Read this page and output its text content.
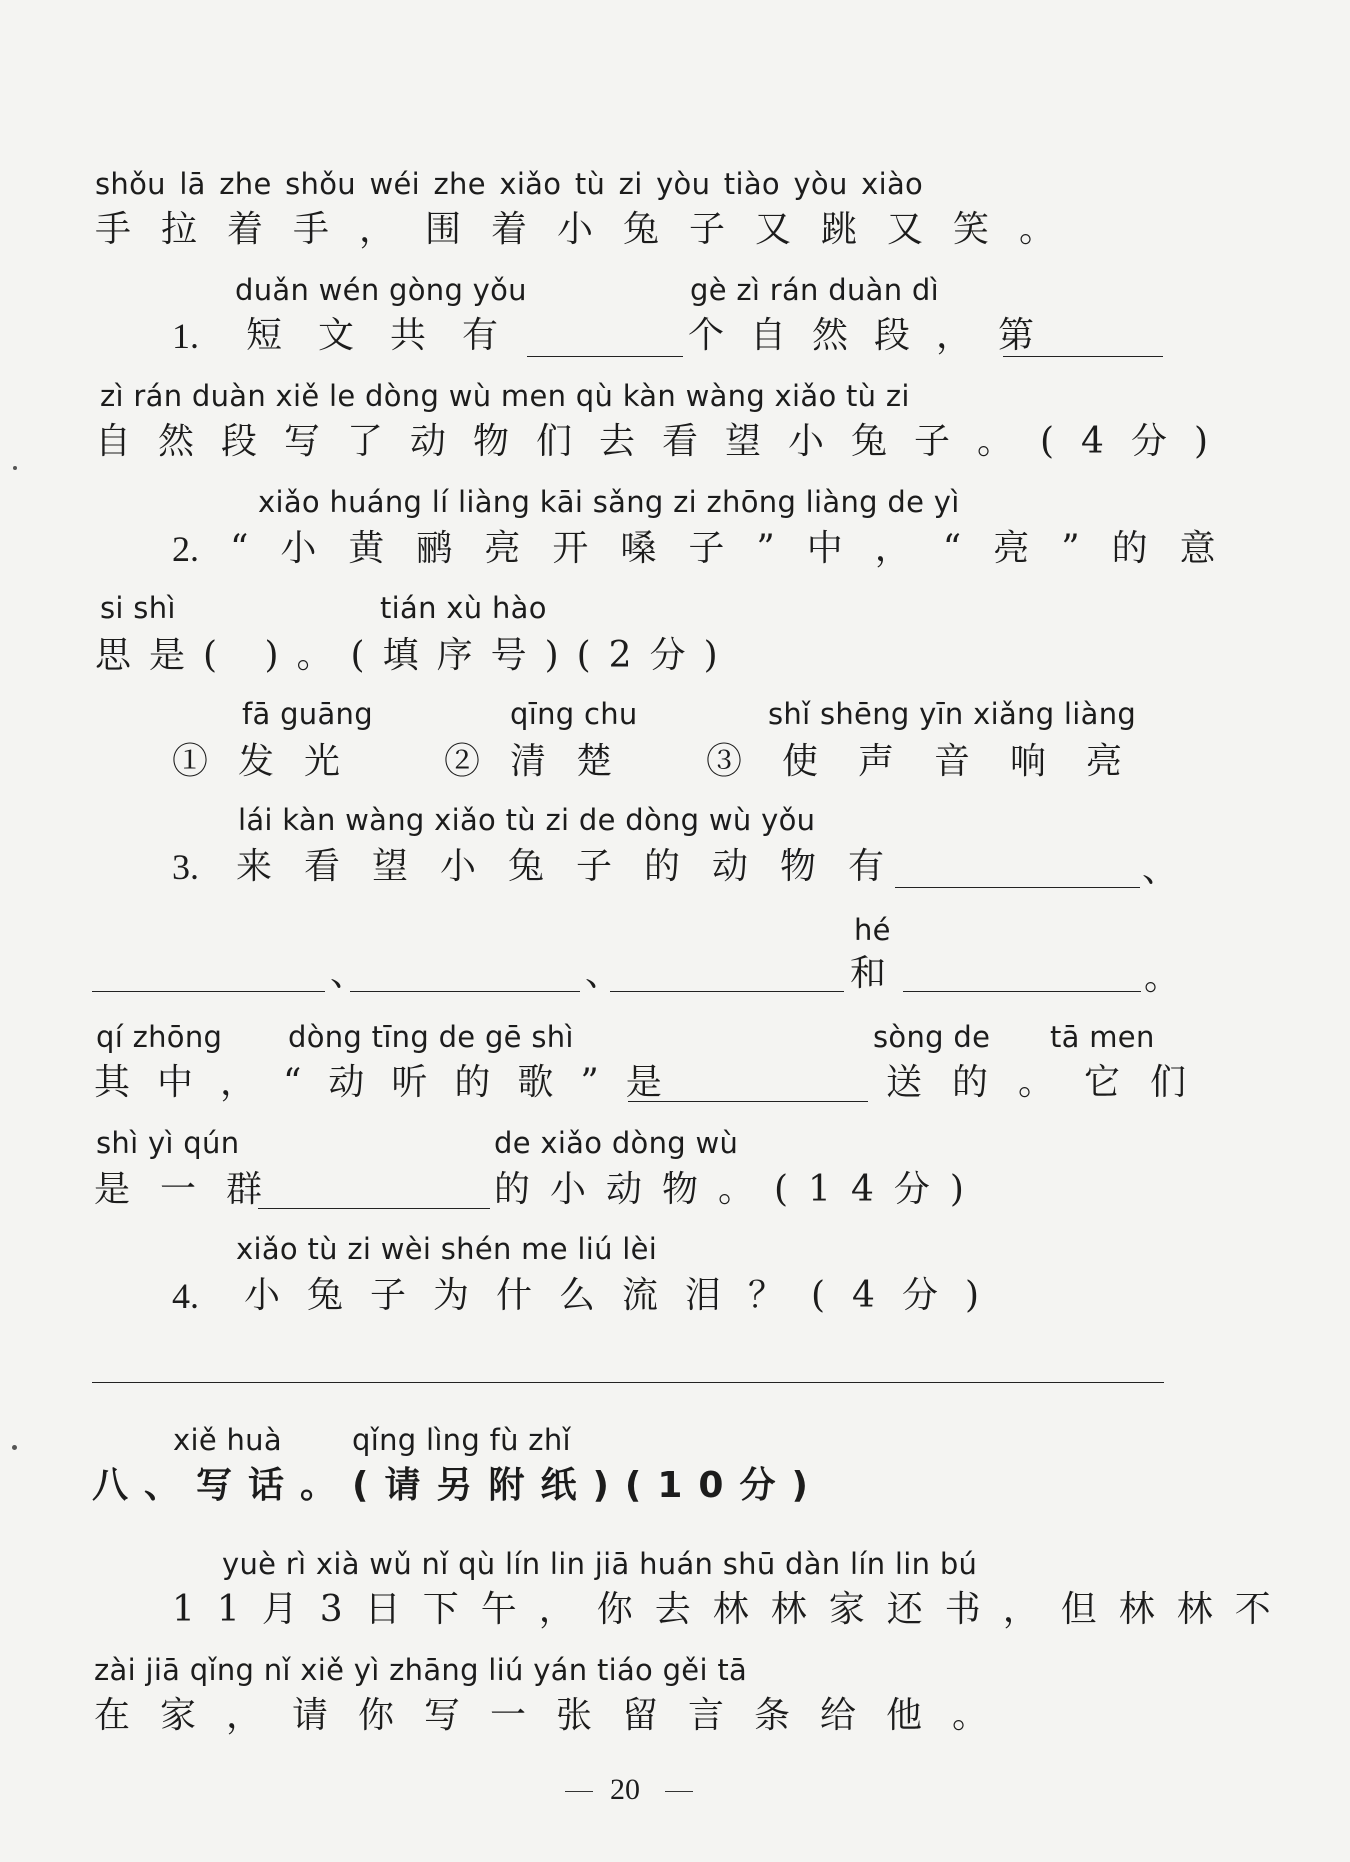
shǒu lā zhe shǒu wéi zhe xiǎo tù zi yòu tiào yòu xiào
手拉着手，围着小兔子又跳又笑。
duǎn wén gòng yǒu	gè zì rán duàn dì
1. 短文共有	个自然段，第
zì rán duàn xiě le dòng wù men qù kàn wàng xiǎo tù zi
自然段写了动物们去看望小兔子。(4分)
xiǎo huáng lí liàng kāi sǎng zi zhōng liàng de yì
2. “小黄鹂亮开嗓子”中，“亮”的意
si shì	tián xù hào
思是( )。(填序号)(2分)
fā guāng	qīng chu	shǐ shēng yīn xiǎng liàng
①发光 ②清楚 ③使声音响亮
lái kàn wàng xiǎo tù zi de dòng wù yǒu
3. 来看望小兔子的动物有	、
hé
、	、	和	。
qí zhōng dòng tīng de gē shì	sòng de tā men
其中，“动听的歌”是	送的。它们
shì yì qún	de xiǎo dòng wù
是一群	的小动物。(14分)
xiǎo tù zi wèi shén me liú lèi
4. 小兔子为什么流泪？(4分)
xiě huà qǐng lìng fù zhǐ
八、写话。(请另附纸)(10分)
yuè rì xià wǔ nǐ qù lín lin jiā huán shū dàn lín lin bú
11月3日下午，你去林林家还书，但林林不
zài jiā qǐng nǐ xiě yì zhāng liú yán tiáo gěi tā
在家，请你写一张留言条给他。
20
